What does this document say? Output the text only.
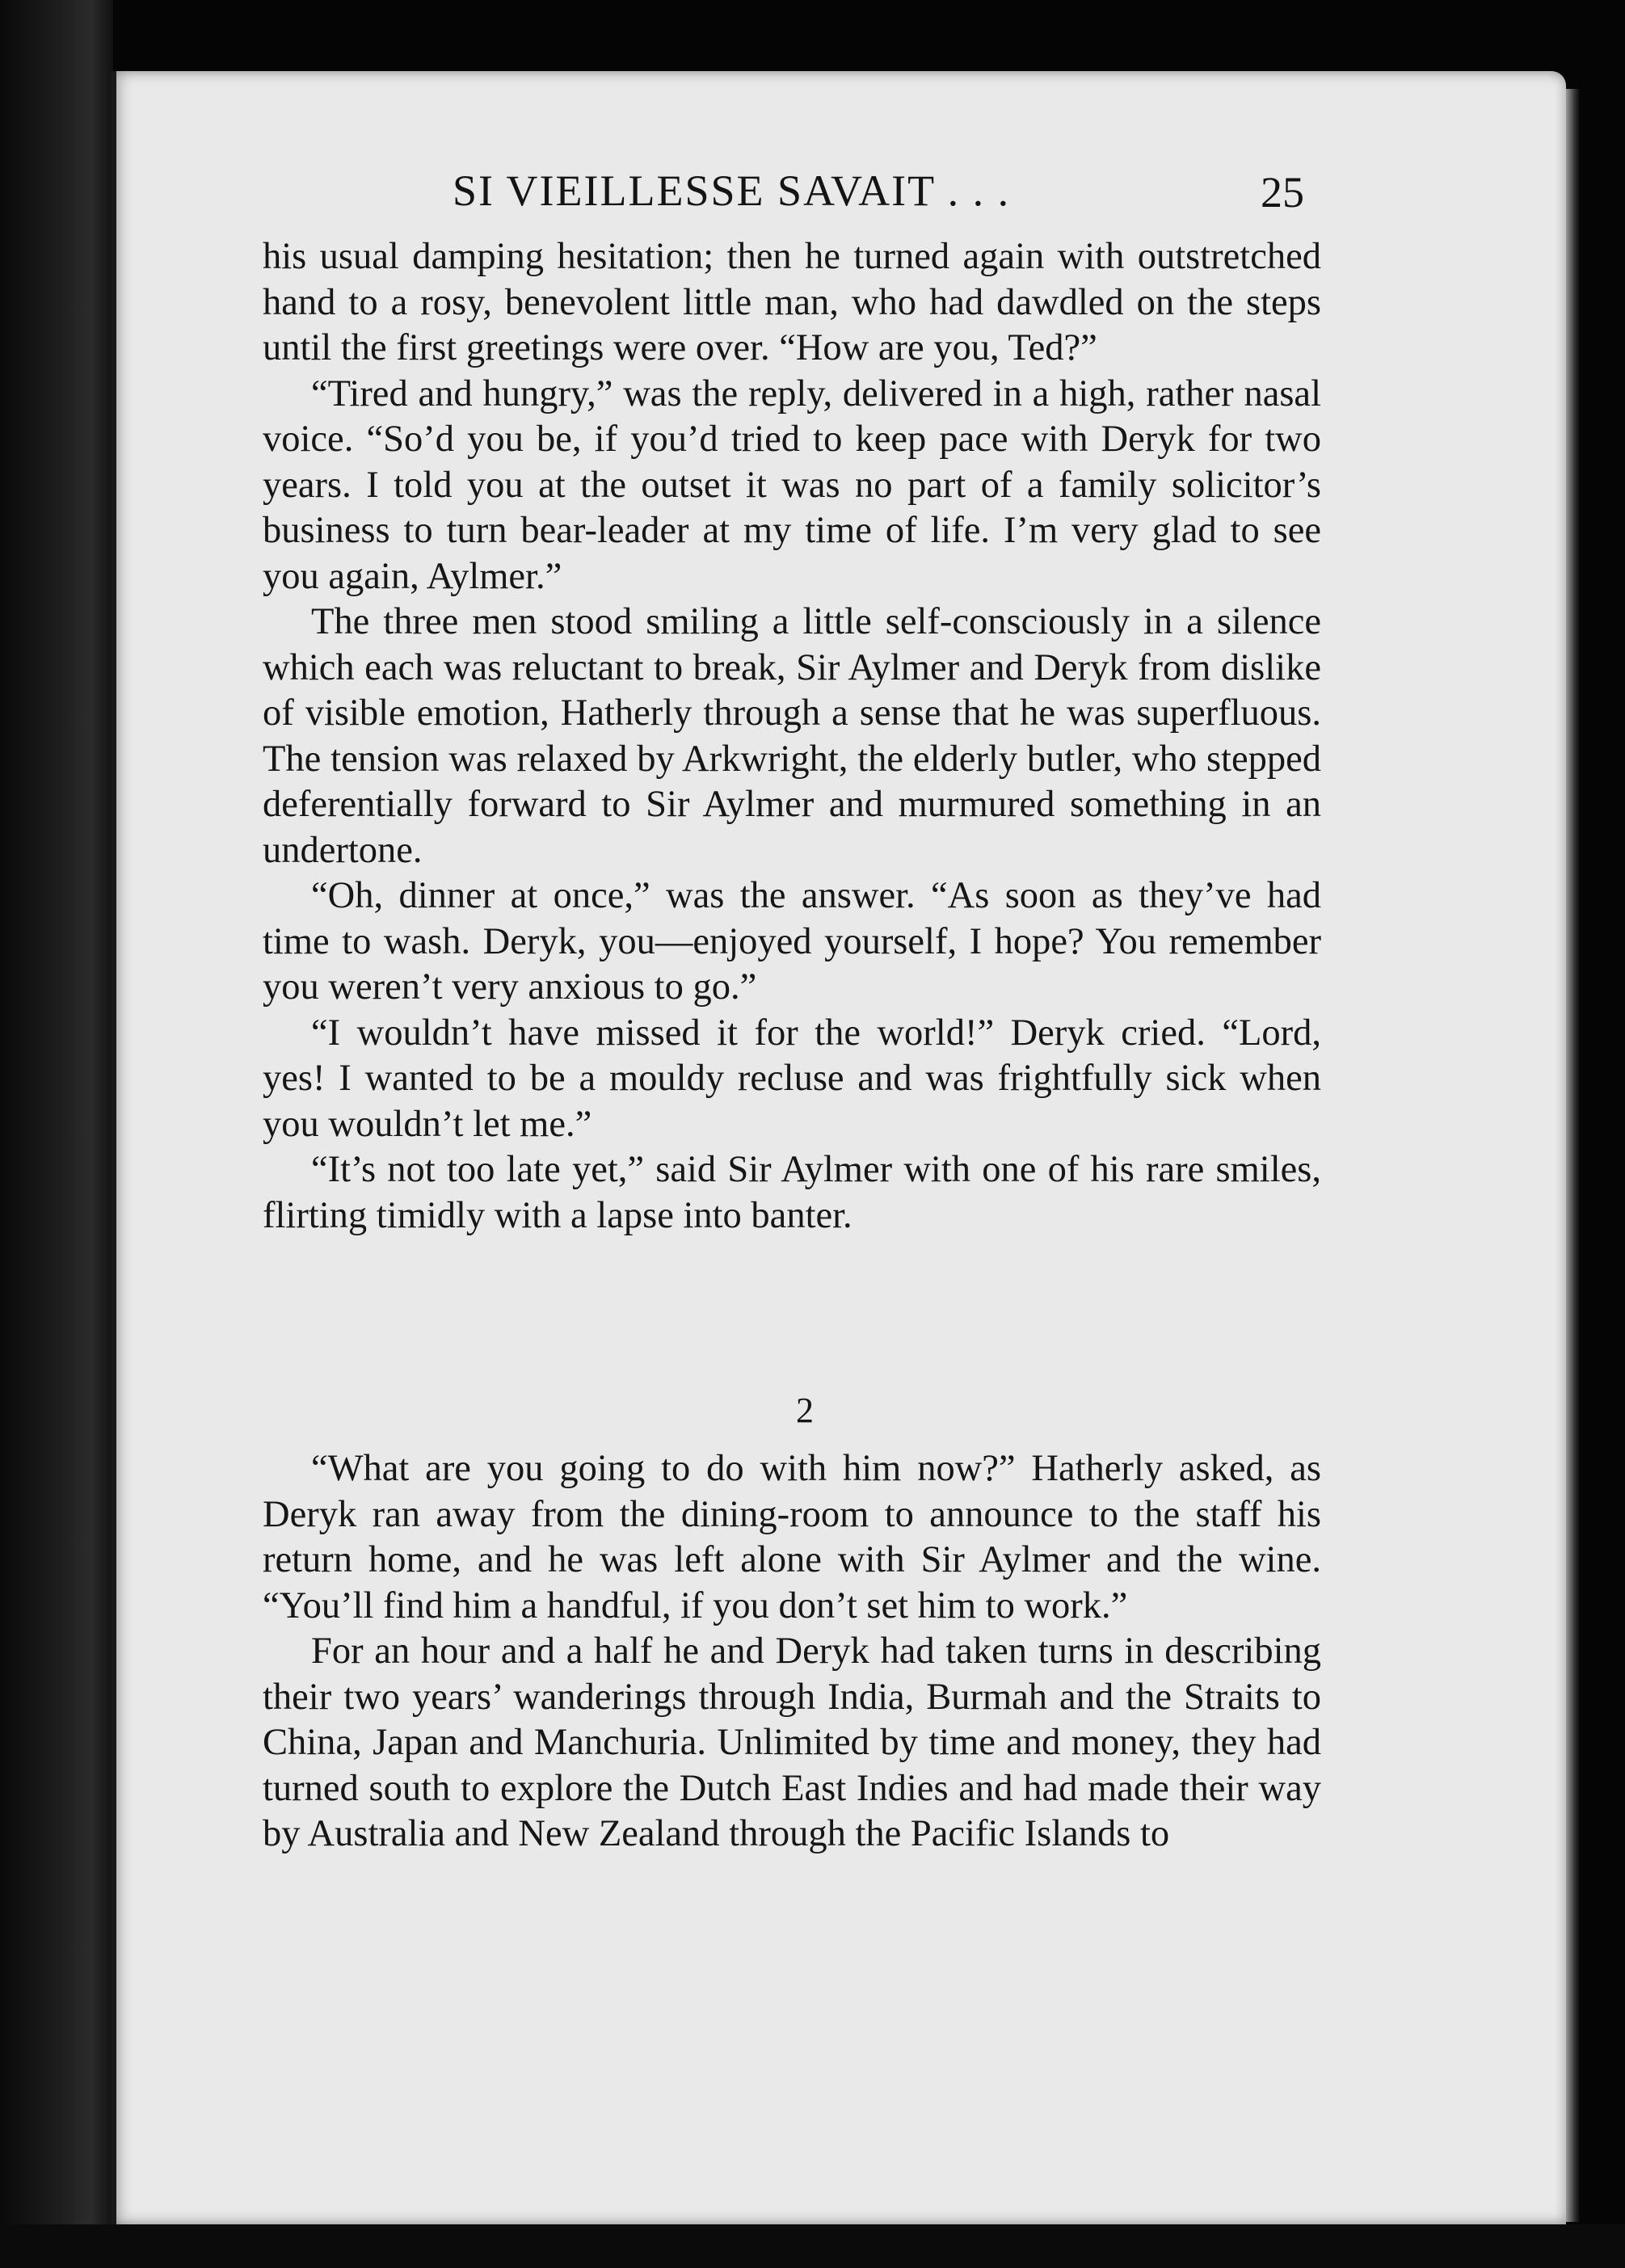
SI VIEILLESSE SAVAIT . . .	25

his usual damping hesitation; then he turned again with outstretched hand to a rosy, benevolent little man, who had dawdled on the steps until the first greetings were over. “How are you, Ted?”

“Tired and hungry,” was the reply, delivered in a high, rather nasal voice. “So’d you be, if you’d tried to keep pace with Deryk for two years. I told you at the outset it was no part of a family solicitor’s business to turn bear-leader at my time of life. I’m very glad to see you again, Aylmer.”

The three men stood smiling a little self-consciously in a silence which each was reluctant to break, Sir Aylmer and Deryk from dislike of visible emotion, Hatherly through a sense that he was superfluous. The tension was relaxed by Arkwright, the elderly butler, who stepped deferentially forward to Sir Aylmer and murmured something in an undertone.

“Oh, dinner at once,” was the answer. “As soon as they’ve had time to wash. Deryk, you—enjoyed yourself, I hope? You remember you weren’t very anxious to go.”

“I wouldn’t have missed it for the world!” Deryk cried. “Lord, yes! I wanted to be a mouldy recluse and was frightfully sick when you wouldn’t let me.”

“It’s not too late yet,” said Sir Aylmer with one of his rare smiles, flirting timidly with a lapse into banter.

2

“What are you going to do with him now?” Hatherly asked, as Deryk ran away from the dining-room to announce to the staff his return home, and he was left alone with Sir Aylmer and the wine. “You’ll find him a handful, if you don’t set him to work.”

For an hour and a half he and Deryk had taken turns in describing their two years’ wanderings through India, Burmah and the Straits to China, Japan and Manchuria. Unlimited by time and money, they had turned south to explore the Dutch East Indies and had made their way by Australia and New Zealand through the Pacific Islands to
